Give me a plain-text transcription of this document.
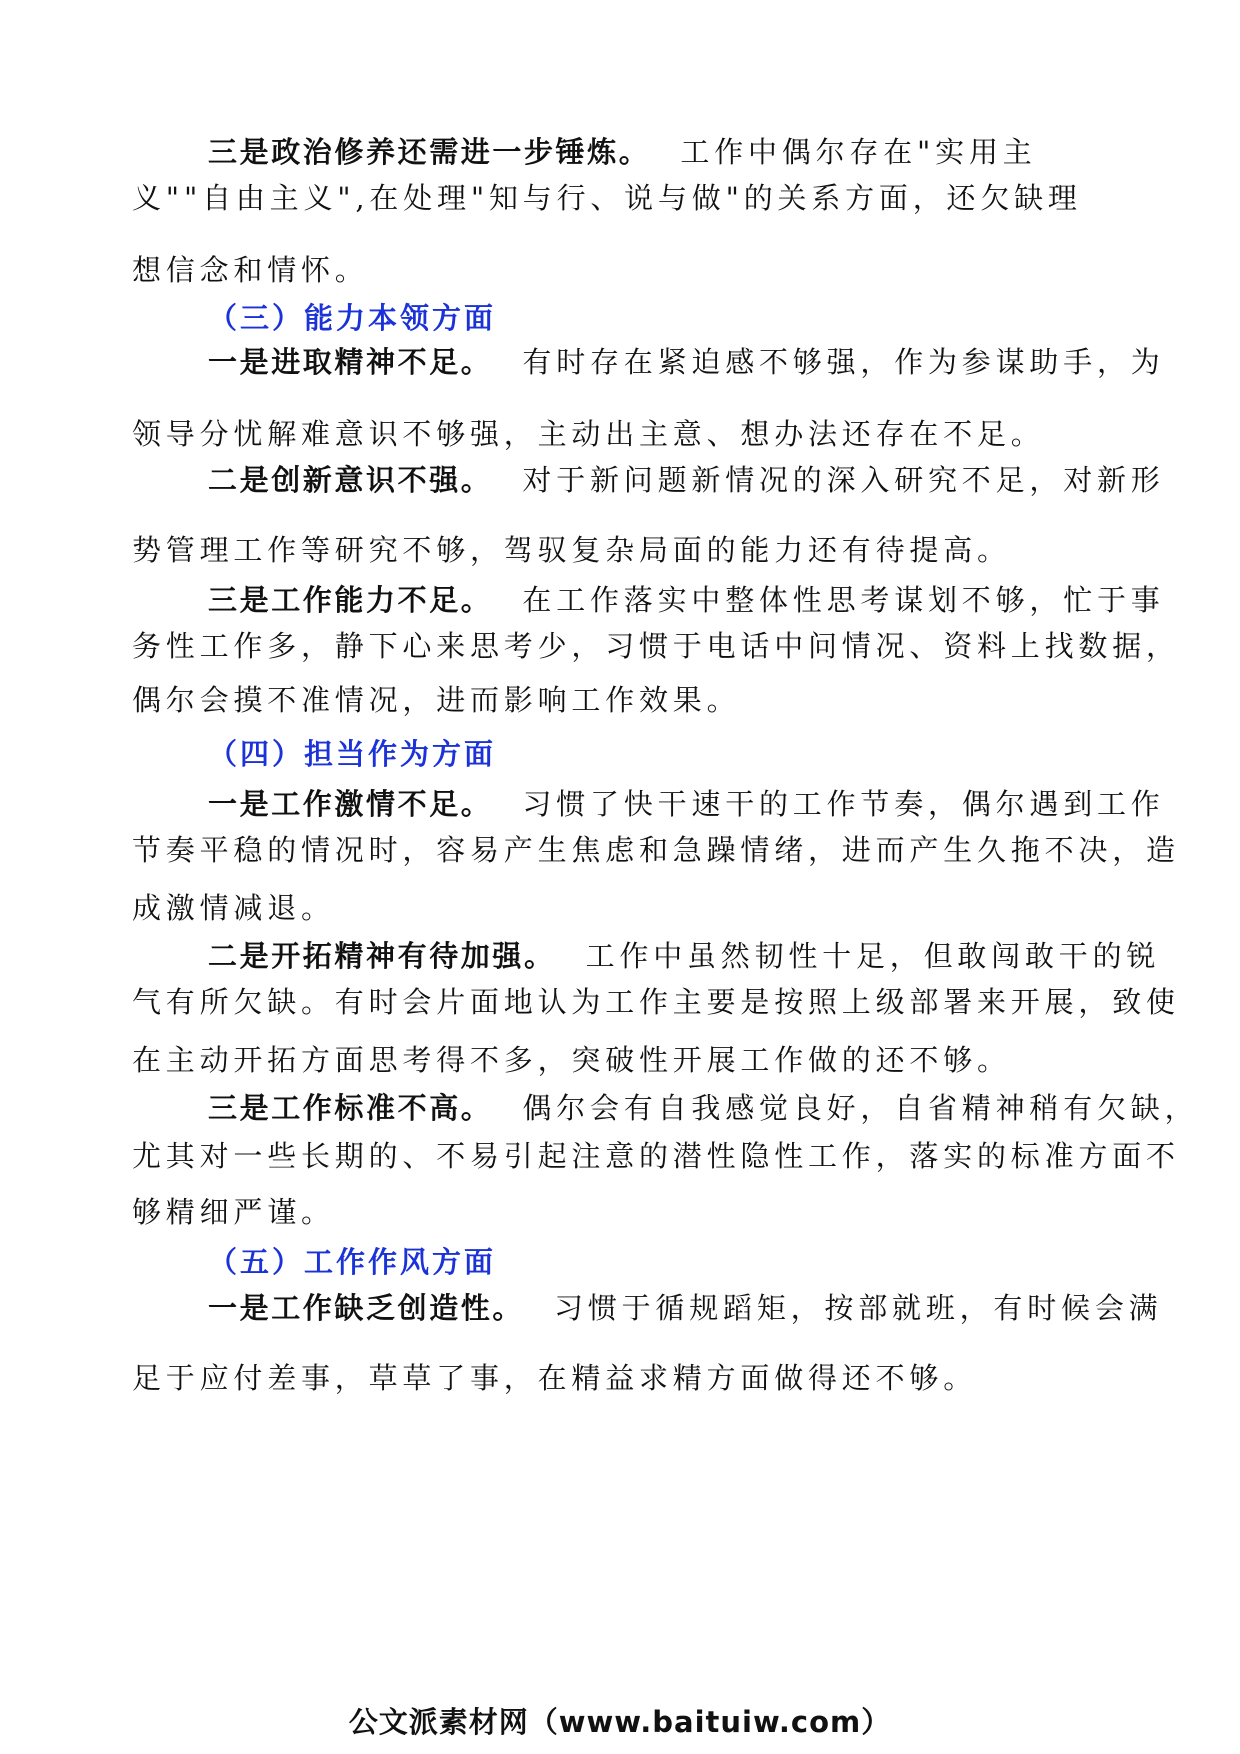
三是政治修养还需进一步锤炼。 工作中偶尔存在"实用主
义""自由主义",在处理"知与行、说与做"的关系方面，还欠缺理
想信念和情怀。
（三）能力本领方面
一是进取精神不足。 有时存在紧迫感不够强，作为参谋助手，为
领导分忧解难意识不够强，主动出主意、想办法还存在不足。
二是创新意识不强。 对于新问题新情况的深入研究不足，对新形
势管理工作等研究不够，驾驭复杂局面的能力还有待提高。
三是工作能力不足。 在工作落实中整体性思考谋划不够，忙于事
务性工作多，静下心来思考少，习惯于电话中问情况、资料上找数据，
偶尔会摸不准情况，进而影响工作效果。
（四）担当作为方面
一是工作激情不足。 习惯了快干速干的工作节奏，偶尔遇到工作
节奏平稳的情况时，容易产生焦虑和急躁情绪，进而产生久拖不决，造
成激情减退。
二是开拓精神有待加强。 工作中虽然韧性十足，但敢闯敢干的锐
气有所欠缺。有时会片面地认为工作主要是按照上级部署来开展，致使
在主动开拓方面思考得不多，突破性开展工作做的还不够。
三是工作标准不高。 偶尔会有自我感觉良好，自省精神稍有欠缺，
尤其对一些长期的、不易引起注意的潜性隐性工作，落实的标准方面不
够精细严谨。
（五）工作作风方面
一是工作缺乏创造性。 习惯于循规蹈矩，按部就班，有时候会满
足于应付差事，草草了事，在精益求精方面做得还不够。
公文派素材网（www.baituiw.com）
